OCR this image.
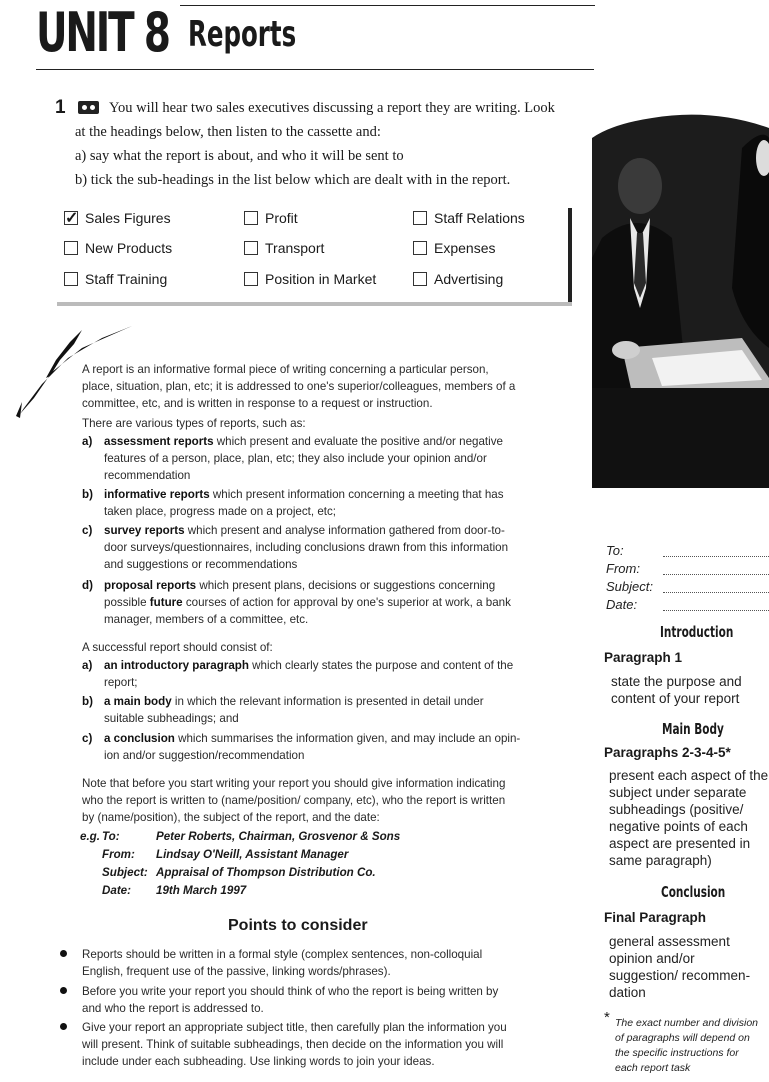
UNIT 8 Reports
1	You will hear two sales executives discussing a report they are writing. Look
at the headings below, then listen to the cassette and:
a) say what the report is about, and who it will be sent to
b) tick the sub-headings in the list below which are dealt with in the report.
✓
Sales Figures	Profit	Staff Relations
New Products	Transport	Expenses
Staff Training	Position in Market	Advertising
A report is an informative formal piece of writing concerning a particular person,
place, situation, plan, etc; it is addressed to one's superior/colleagues, members of a
committee, etc, and is written in response to a request or instruction.
There are various types of reports, such as:
a) assessment reports which present and evaluate the positive and/or negative
features of a person, place, plan, etc; they also include your opinion and/or
recommendation
b) informative reports which present information concerning a meeting that has
taken place, progress made on a project, etc;
c) survey reports which present and analyse information gathered from door-to-
door surveys/questionnaires, including conclusions drawn from this information
and suggestions or recommendations
d) proposal reports which present plans, decisions or suggestions concerning
possible future courses of action for approval by one's superior at work, a bank
manager, members of a committee, etc.
A successful report should consist of:
a) an introductory paragraph which clearly states the purpose and content of the
report;
b) a main body in which the relevant information is presented in detail under
suitable subheadings; and
c) a conclusion which summarises the information given, and may include an opin-
ion and/or suggestion/recommendation
Note that before you start writing your report you should give information indicating
who the report is written to (name/position/ company, etc), who the report is written
by (name/position), the subject of the report, and the date:
e.g. To:	Peter Roberts, Chairman, Grosvenor & Sons
From: Lindsay O'Neill, Assistant Manager
Subject: Appraisal of Thompson Distribution Co.
Date: 19th March 1997
Points to consider
Reports should be written in a formal style (complex sentences, non-colloquial
English, frequent use of the passive, linking words/phrases).
Before you write your report you should think of who the report is being written by
and who the report is addressed to.
Give your report an appropriate subject title, then carefully plan the information you
will present. Think of suitable subheadings, then decide on the information you will
include under each subheading. Use linking words to join your ideas.
To:
From:
Subject:
Date:
Introduction
Paragraph 1
state the purpose and
content of your report
Main Body
Paragraphs 2-3-4-5*
present each aspect of the
subject under separate
subheadings (positive/
negative points of each
aspect are presented in
same paragraph)
Conclusion
Final Paragraph
general assessment
opinion and/or
suggestion/ recommen-
dation
* The exact number and division
of paragraphs will depend on
the specific instructions for
each report task
